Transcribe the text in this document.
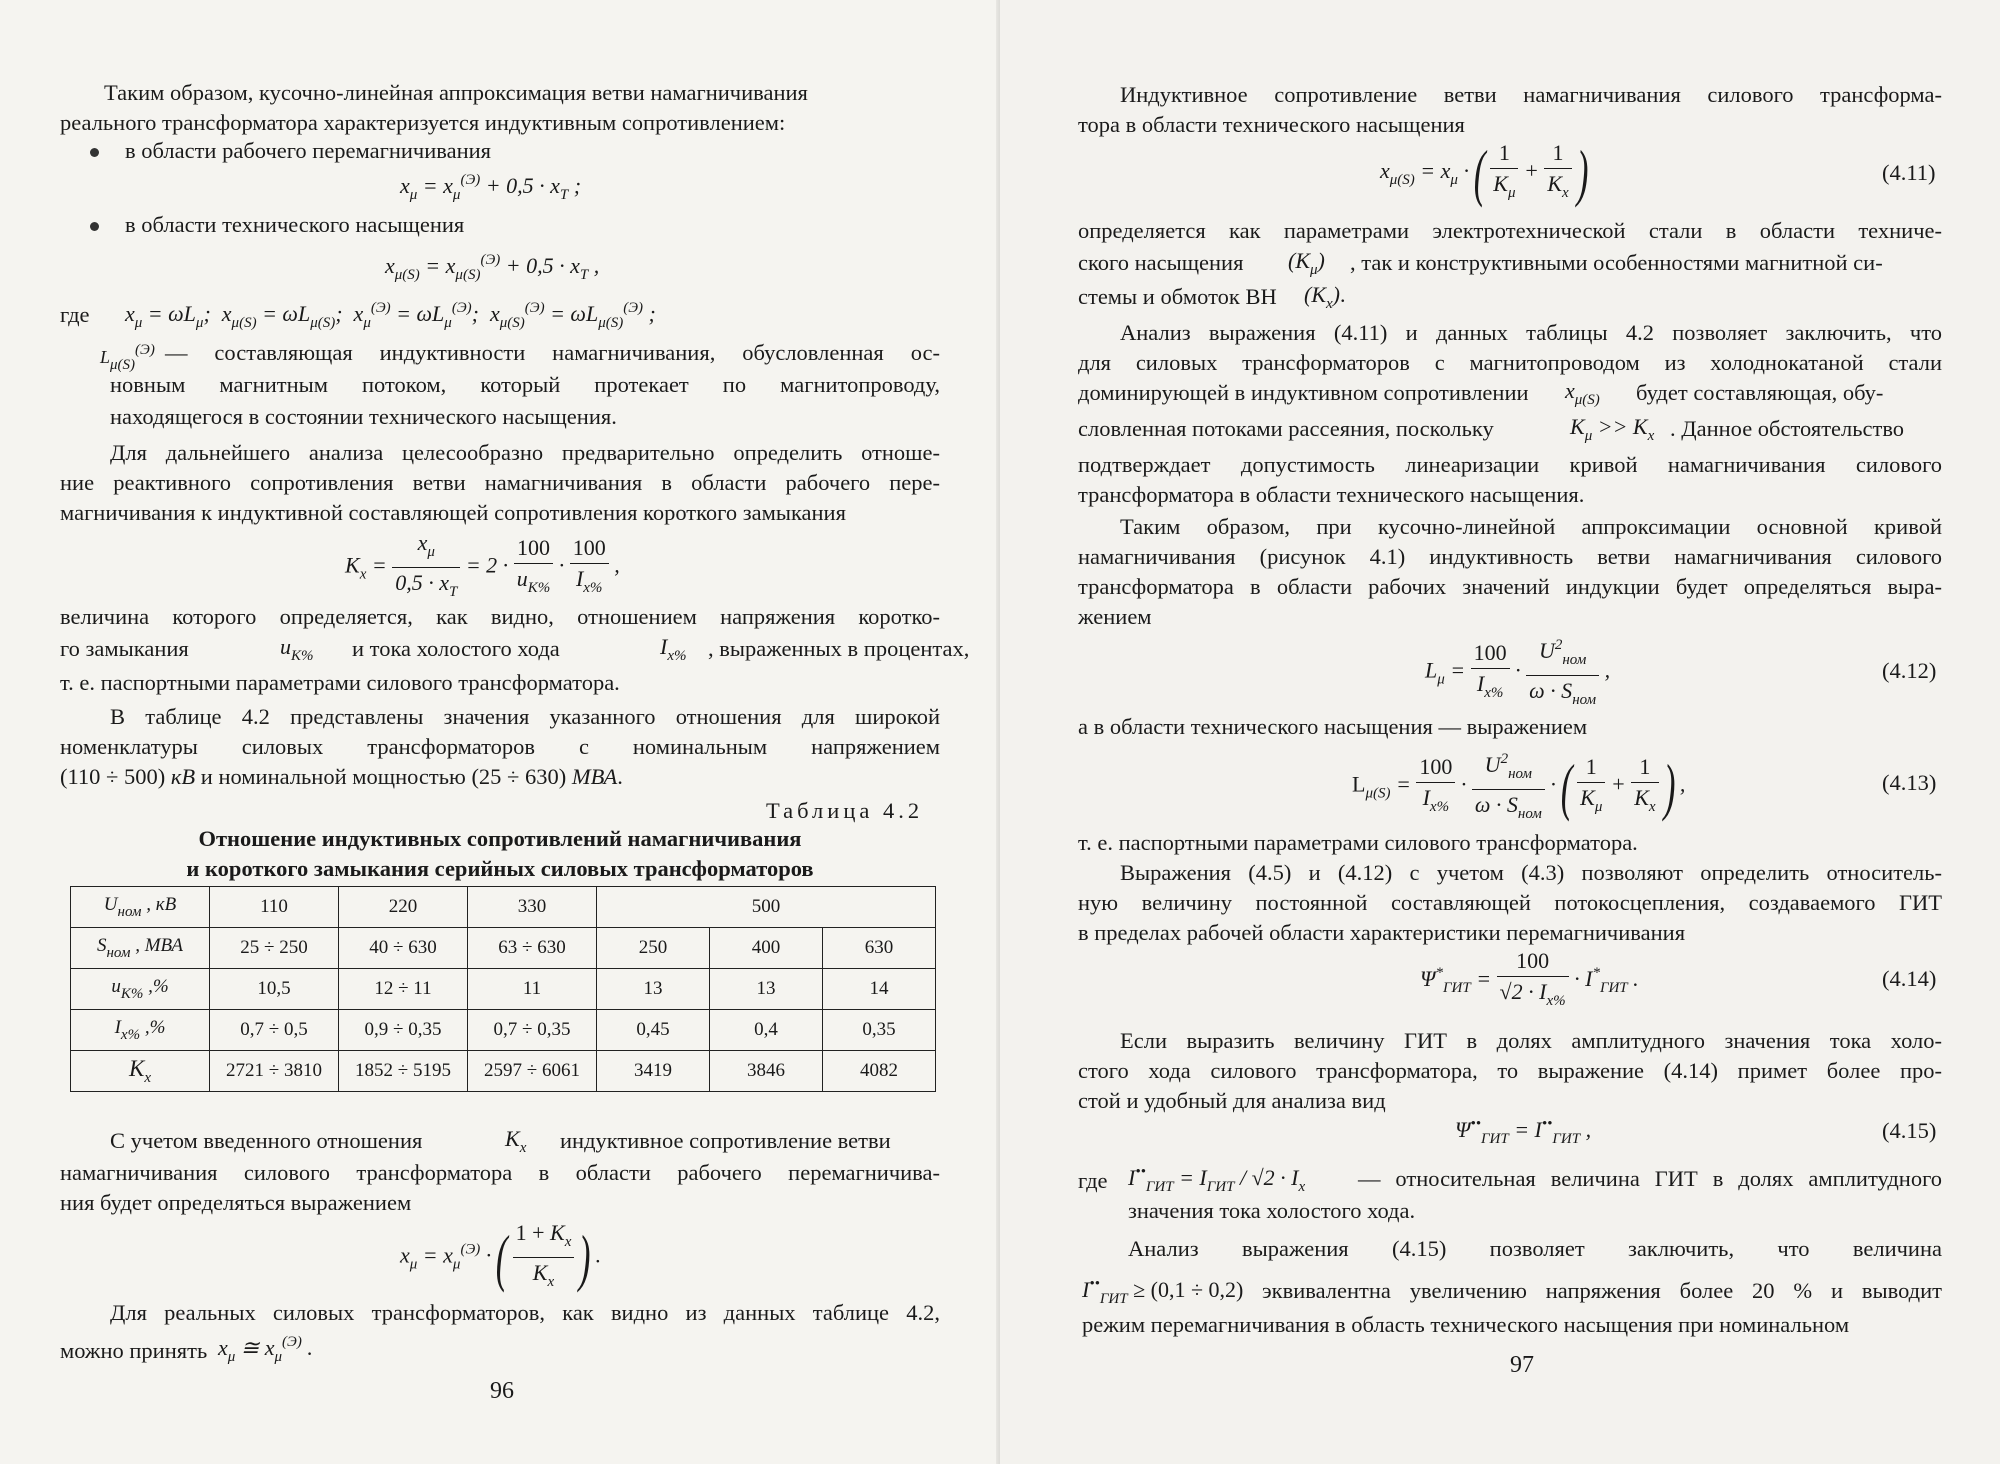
Таким образом, кусочно-линейная аппроксимация ветви намагничивания
реального трансформатора характеризуется индуктивным сопротивлением:
в области рабочего перемагничивания
$x_\mu = x_\mu^{(Э)} + 0,5 \cdot x_T$ ;
в области технического насыщения
$x_{\mu(S)} = x_{\mu(S)}^{(Э)} + 0,5 \cdot x_T$ ,
где $x_\mu = \omega L_\mu$;  $x_{\mu(S)} = \omega L_{\mu(S)}$;  $x_\mu^{(Э)} = \omega L_\mu^{(Э)}$;  $x_{\mu(S)}^{(Э)} = \omega L_{\mu(S)}^{(Э)}$ ;
$L_{\mu(S)}^{(Э)}$ — составляющая индуктивности намагничивания, обусловленная ос-
новным магнитным потоком, который протекает по магнитопроводу,
находящегося в состоянии технического насыщения.
Для дальнейшего анализа целесообразно предварительно определить отноше-
ние реактивного сопротивления ветви намагничивания в области рабочего пере-
магничивания к индуктивной составляющей сопротивления короткого замыкания
$K_x = \frac{x_\mu}{0,5 \cdot x_T} = 2 \cdot \frac{100}{u_{K\%}} \cdot \frac{100}{I_{x\%}}$ ,
величина которого определяется, как видно, отношением напряжения коротко-
го замыкания	$u_{K\%}$ и тока холостого хода	$I_{x\%}$ , выраженных в процентах,
т. е. паспортными параметрами силового трансформатора.
В таблице 4.2 представлены значения указанного отношения для широкой
номенклатуры силовых трансформаторов с номинальным напряжением
(110 ÷ 500) кВ и номинальной мощностью (25 ÷ 630) МВА.
Таблица 4.2
Отношение индуктивных сопротивлений намагничивания
и короткого замыкания серийных силовых трансформаторов
$U_{ном}$ , кВ	110	220	330	500		
$S_{ном}$ , МВА	25 ÷ 250	40 ÷ 630	63 ÷ 630	250	400	630
$u_{K\%}$ ,%	10,5	12 ÷ 11	11	13	13	14
$I_{x\%}$ ,%	0,7 ÷ 0,5	0,9 ÷ 0,35	0,7 ÷ 0,35	0,45	0,4	0,35
$K_x$	2721 ÷ 3810	1852 ÷ 5195	2597 ÷ 6061	3419	3846	4082
С учетом введенного отношения	$K_x$ индуктивное сопротивление ветви
намагничивания силового трансформатора в области рабочего перемагничива-
ния будет определяться выражением
$x_\mu = x_\mu^{(Э)}$ ·( $\frac{1 + K_x}{K_x}$ ) .
Для реальных силовых трансформаторов, как видно из данных таблице 4.2,
можно принять $x_\mu$ ≅ $x_\mu^{(Э)}$ .
96
Индуктивное сопротивление ветви намагничивания силового трансформа-
тора в области технического насыщения
$x_{\mu(S)} = x_\mu$ ·( $\frac{1}{K_\mu} + \frac{1}{K_x}$ )	(4.11)
определяется как параметрами электротехнической стали в области техниче-
ского насыщения $(K_\mu)$ , так и конструктивными особенностями магнитной си-
стемы и обмоток ВН $(K_x)$.
Анализ выражения (4.11) и данных таблицы 4.2 позволяет заключить, что
для силовых трансформаторов с магнитопроводом из холоднокатаной стали
доминирующей в индуктивном сопротивлении $x_{\mu(S)}$ будет составляющая, обу-
словленная потоками рассеяния, поскольку	$K_\mu >> K_x$ . Данное обстоятельство
подтверждает допустимость линеаризации кривой намагничивания силового
трансформатора в области технического насыщения.
Таким образом, при кусочно-линейной аппроксимации основной кривой
намагничивания (рисунок 4.1) индуктивность ветви намагничивания силового
трансформатора в области рабочих значений индукции будет определяться выра-
жением
$L_\mu = \frac{100}{I_{x\%}} \cdot \frac{U^2_{ном}}{\omega \cdot S_{ном}}$ ,	(4.12)
а в области технического насыщения — выражением
$L_{\mu(S)} = \frac{100}{I_{x\%}} \cdot \frac{U^2_{ном}}{\omega \cdot S_{ном}}$ ·( $\frac{1}{K_\mu} + \frac{1}{K_x}$ ) ,	(4.13)
т. е. паспортными параметрами силового трансформатора.
Выражения (4.5) и (4.12) с учетом (4.3) позволяют определить относитель-
ную величину постоянной составляющей потокосцепления, создаваемого ГИТ
в пределах рабочей области характеристики перемагничивания
$\Psi^*_{ГИТ} = \frac{100}{√2 \cdot I_{x\%}} \cdot I^*_{ГИТ}$ .	(4.14)
Если выразить величину ГИТ в долях амплитудного значения тока холо-
стого хода силового трансформатора, то выражение (4.14) примет более про-
стой и удобный для анализа вид
$\Psi^{••}_{ГИТ} = I^{••}_{ГИТ}$ ,	(4.15)
где $I^{••}_{ГИТ} = I_{ГИТ} / √2 \cdot I_x$ — относительная величина ГИТ в долях амплитудного
значения тока холостого хода.
Анализ выражения (4.15) позволяет заключить, что величина
$I^{••}_{ГИТ} \ge (0,1 \div 0,2)$ эквивалентна увеличению напряжения более 20 % и выводит
режим перемагничивания в область технического насыщения при номинальном
97
